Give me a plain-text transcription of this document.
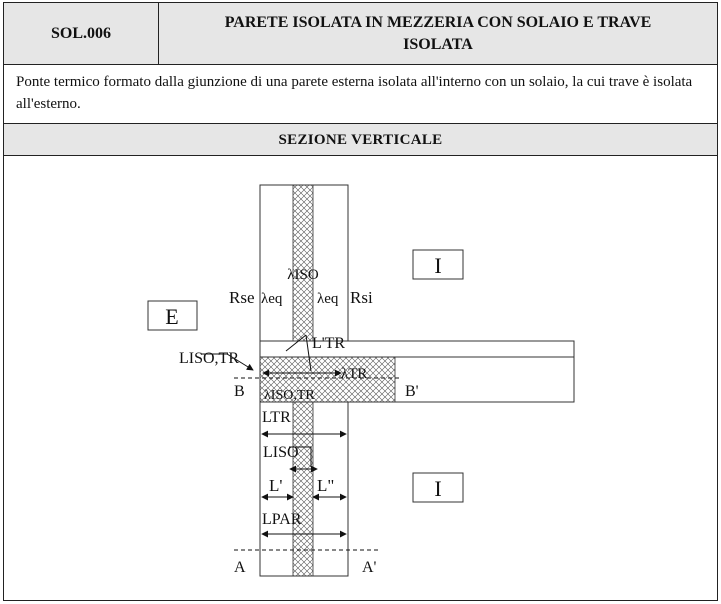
SOL.006
PARETE ISOLATA IN MEZZERIA CON SOLAIO E TRAVE ISOLATA
Ponte termico formato dalla giunzione di una parete esterna isolata all'interno con un solaio, la cui trave è isolata all'esterno.
SEZIONE VERTICALE
I
E
I
λISO
Rse λeq λeq Rsi
L'TR
LISO,TR
λTR
B	B'
λISO,TR
LTR
LISO
L' L"
LPAR
A	A'
